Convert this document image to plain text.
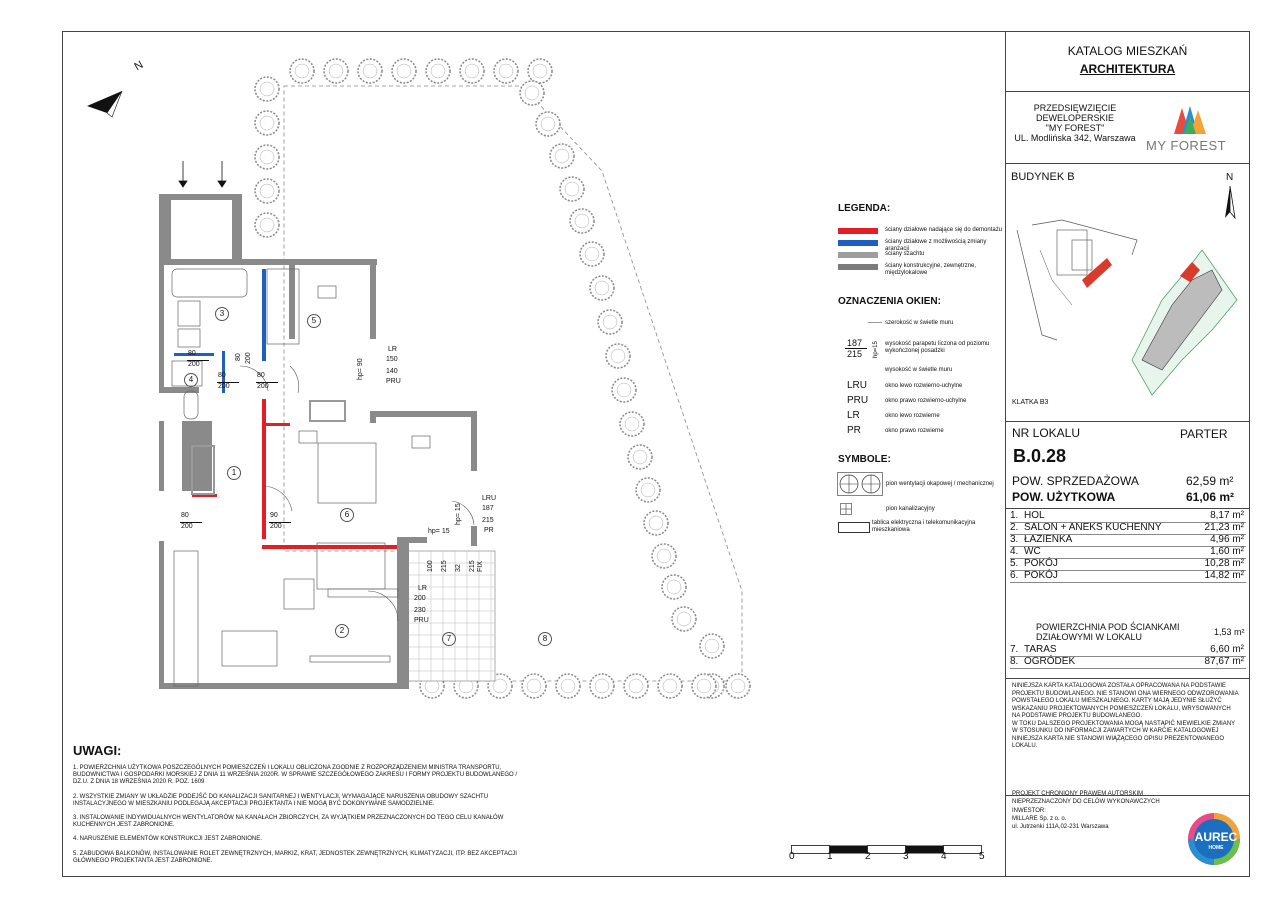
KATALOG MIESZKAŃ
ARCHITEKTURA
PRZEDSIĘWZIĘCIE
DEWELOPERSKIE
"MY FOREST"
UL. Modlińska 342, Warszawa MY FOREST
BUDYNEK B	N
KLATKA B3
NR LOKALU	PARTER
B.0.28
POW. SPRZEDAŻOWA	62,59 m²
POW. UŻYTKOWA	61,06 m²
1. HOL	8,17 m²
2. SALON + ANEKS KUCHENNY	21,23 m²
3. ŁAZIENKA	4,96 m²
4. WC	1,60 m²
5. POKÓJ	10,28 m²
6. POKÓJ	14,82 m²
POWIERZCHNIA POD ŚCIANKAMI
DZIAŁOWYMI W LOKALU	1,53 m²
7. TARAS	6,60 m²
8. OGRÓDEK	87,67 m²
NINIEJSZA KARTA KATALOGOWA ZOSTAŁA OPRACOWANA NA PODSTAWIE
PROJEKTU BUDOWLANEGO. NIE STANOWI ONA WIERNEGO ODWZOROWANIA
POWSTAŁEGO LOKALU MIESZKALNEGO. KARTY MAJĄ JEDYNIE SŁUŻYĆ
WSKAZANIU PROJEKTOWANYCH POMIESZCZEŃ LOKALU, WRYSOWANYCH
NA PODSTAWIE PROJEKTU BUDOWLANEGO.
W TOKU DALSZEGO PROJEKTOWANIA MOGĄ NASTĄPIĆ NIEWIELKIE ZMIANY
W STOSUNKU DO INFORMACJI ZAWARTYCH W KARCIE KATALOGOWEJ
NINIEJSZA KARTA NIE STANOWI WIĄŻĄCEGO OPISU PREZENTOWANEGO
LOKALU.
PROJEKT CHRONIONY PRAWEM AUTORSKIM
NIEPRZEZNACZONY DO CELÓW WYKONAWCZYCH
INWESTOR:
MILLARE Sp. z o. o.
ul. Jutrzenki 111A,02-231 Warszawa
AUREC
HOME
LEGENDA:
ściany działowe nadające się do demontażu
ściany działowe z możliwością zmiany aranżacji
ściany szachtu
ściany konstrukcyjne, zewnętrzne, międzylokalowe
OZNACZENIA OKIEN:
187
215 hp=15
szerokość w świetle muru
wysokość parapetu liczona od poziomu wykończonej posadzki
wysokość w świetle muru
LRU	okno lewo rozwierno-uchylne
PRU	okno prawo rozwierno-uchylne
LR	okno lewo rozwierne
PR	okno prawo rozwierne
SYMBOLE:
pion wentylacji okapowej / mechanicznej
pion kanalizacyjny
tablica elektryczna i telekomunikacyjna mieszkaniowa
UWAGI:
1. POWIERZCHNIA UŻYTKOWA POSZCZEGÓLNYCH POMIESZCZEŃ I LOKALU OBLICZONA ZGODNIE Z ROZPORZĄDZENIEM MINISTRA TRANSPORTU, BUDOWNICTWA I GOSPODARKI MORSKIEJ Z DNIA 11 WRZEŚNIA 2020R. W SPRAWIE SZCZEGÓŁOWEGO ZAKRESU I FORMY PROJEKTU BUDOWLANEGO / DZ.U. Z DNIA 18 WRZEŚNIA 2020 R. POZ. 1609
2. WSZYSTKIE ZMIANY W UKŁADZIE PODEJŚĆ DO KANALIZACJI SANITARNEJ I WENTYLACJI, WYMAGAJĄCE NARUSZENIA OBUDOWY SZACHTU INSTALACYJNEGO W MIESZKANIU PODLEGAJĄ AKCEPTACJI PROJEKTANTA I NIE MOGĄ BYĆ DOKONYWANE SAMODZIELNIE.
3. INSTALOWANIE INDYWIDUALNYCH WENTYLATORÓW NA KANAŁACH ZBIORCZYCH, ZA WYJĄTKIEM PRZEZNACZONYCH DO TEGO CELU KANAŁÓW KUCHENNYCH JEST ZABRONIONE.
4. NARUSZENIE ELEMENTÓW KONSTRUKCJI JEST ZABRONIONE.
5. ZABUDOWA BALKONÓW, INSTALOWANIE ROLET ZEWNĘTRZNYCH, MARKIZ, KRAT, JEDNOSTEK ZEWNĘTRZNYCH, KLIMATYZACJI, ITP. BEZ AKCEPTACJI GŁÓWNEGO PROJEKTANTA JEST ZABRONIONE.	0	1	2	3	4	5
N
1
2
3
4
5
6
7	8
80
200
80
200
80
200
90
200
80
200
LR
150
140
PRU
hp= 90
LRU
187
215
PR
hp= 15
LR
200
230
PRU
hp= 15
100 215 32 215 FIX
80 200
